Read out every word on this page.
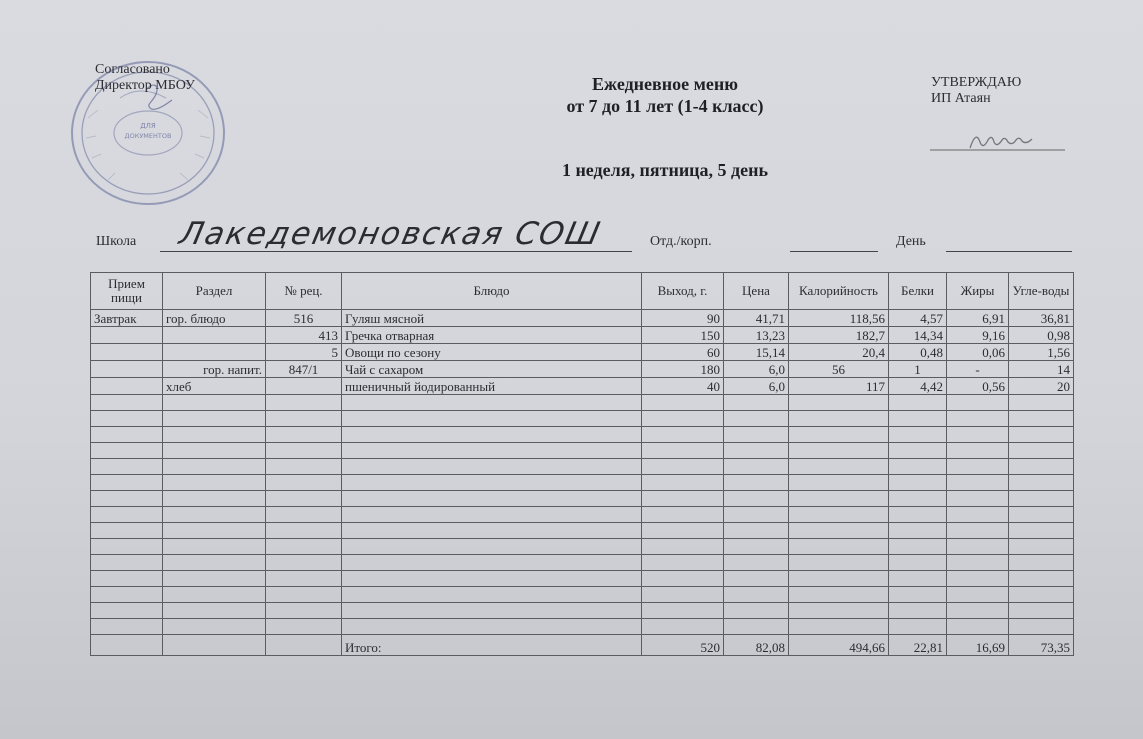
ДЛЯ
ДОКУМЕНТОВ
Согласовано
Директор МБОУ	Ежедневное меню
от 7 до 11 лет (1-4 класс)
1 неделя, пятница, 5 день
УТВЕРЖДАЮ
ИП Атаян
Школа Лакедемоновская СОШ	Отд./корп.	День
Прием пищи	Раздел	№ рец.	Блюдо	Выход, г.	Цена	Калорийность	Белки	Жиры	Угле-воды
Завтрак	гор. блюдо	516	Гуляш мясной	90	41,71	118,56	4,57	6,91	36,81
		413	Гречка отварная	150	13,23	182,7	14,34	9,16	0,98
		5	Овощи по сезону	60	15,14	20,4	0,48	0,06	1,56
	гор. напит.	847/1	Чай с сахаром	180	6,0	56	1	-	14
	хлеб		пшеничный йодированный	40	6,0	117	4,42	0,56	20

			Итого:	520	82,08	494,66	22,81	16,69	73,35
